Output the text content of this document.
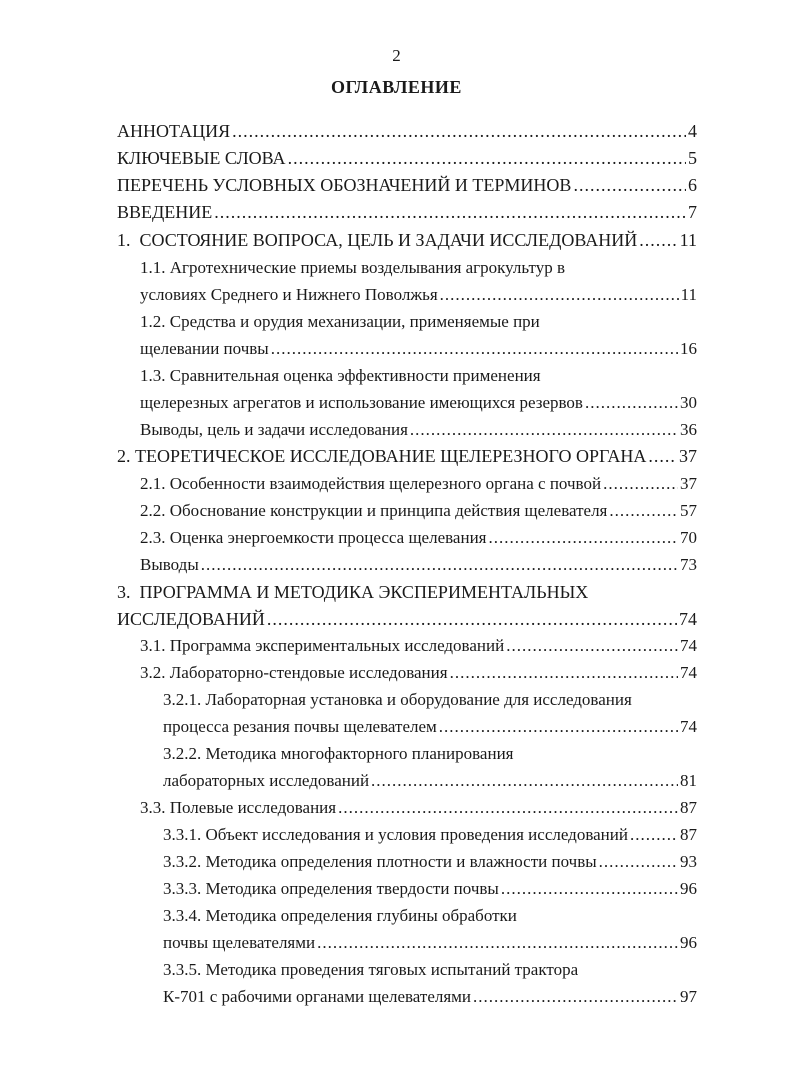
2
ОГЛАВЛЕНИЕ
АННОТАЦИЯ .....	4
КЛЮЧЕВЫЕ СЛОВА .....	5
ПЕРЕЧЕНЬ УСЛОВНЫХ ОБОЗНАЧЕНИЙ И ТЕРМИНОВ .....	6
ВВЕДЕНИЕ .....	7
1.  СОСТОЯНИЕ ВОПРОСА, ЦЕЛЬ И ЗАДАЧИ ИССЛЕДОВАНИЙ ..... 11
1.1. Агротехнические приемы возделывания агрокультур в
условиях Среднего и Нижнего Поволжья .....	11
1.2. Средства и орудия механизации, применяемые при
щелевании почвы .....	16
1.3. Сравнительная оценка эффективности применения
щелерезных агрегатов и использование имеющихся резервов .....	30
Выводы, цель и задачи исследования .....	36
2. ТЕОРЕТИЧЕСКОЕ ИССЛЕДОВАНИЕ ЩЕЛЕРЕЗНОГО ОРГАНА ..... 37
2.1. Особенности взаимодействия щелерезного органа с почвой .....	37
2.2. Обоснование конструкции и принципа действия щелевателя .....	57
2.3. Оценка энергоемкости процесса щелевания .....	70
Выводы .....	73
3.  ПРОГРАММА И МЕТОДИКА ЭКСПЕРИМЕНТАЛЬНЫХ
ИССЛЕДОВАНИЙ .....	74
3.1. Программа экспериментальных исследований .....	74
3.2. Лабораторно-стендовые исследования .....	74
3.2.1. Лабораторная установка и оборудование для исследования
процесса резания почвы щелевателем .....	74
3.2.2. Методика многофакторного планирования
лабораторных исследований .....	81
3.3. Полевые исследования .....	87
3.3.1. Объект исследования и условия проведения исследований .....	87
3.3.2. Методика определения плотности и влажности почвы .....	93
3.3.3. Методика определения твердости почвы .....	96
3.3.4. Методика определения глубины обработки
почвы щелевателями .....	96
3.3.5. Методика проведения тяговых испытаний трактора
К-701 с рабочими органами щелевателями .....	97
